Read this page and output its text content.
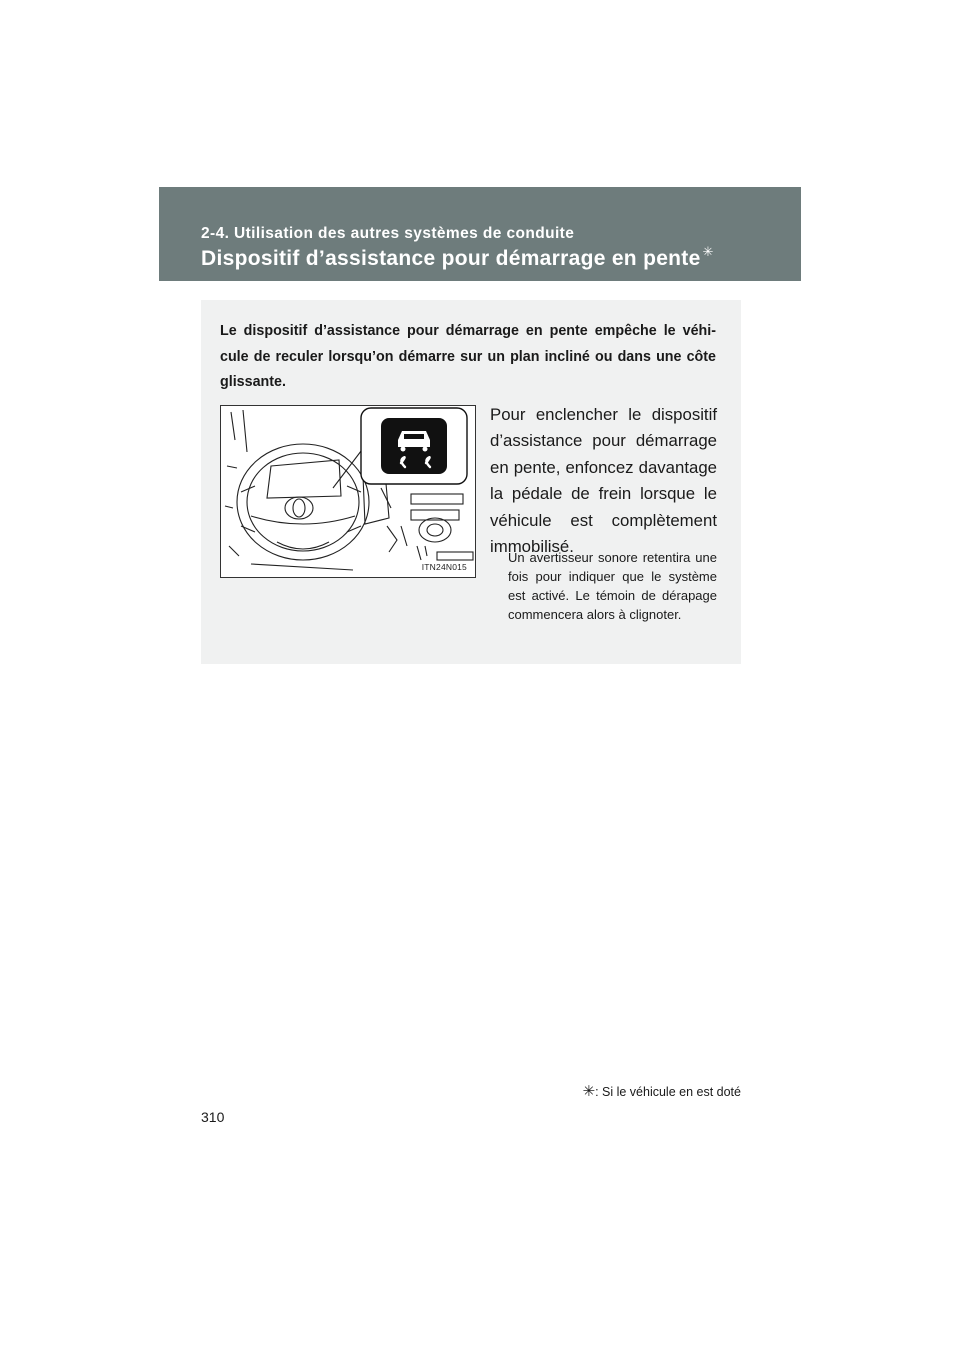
2-4. Utilisation des autres systèmes de conduite
Dispositif d’assistance pour démarrage en pente ✳

Le dispositif d’assistance pour démarrage en pente empêche le véhi-cule de reculer lorsqu’on démarre sur un plan incliné ou dans une côte glissante.

ITN24N015

Pour enclencher le dispositif d’assistance pour démarrage en pente, enfoncez davantage la pédale de frein lorsque le véhicule est complètement immobilisé.

Un avertisseur sonore retentira une fois pour indiquer que le système est activé. Le témoin de dérapage commencera alors à clignoter.

✳: Si le véhicule en est doté
310
